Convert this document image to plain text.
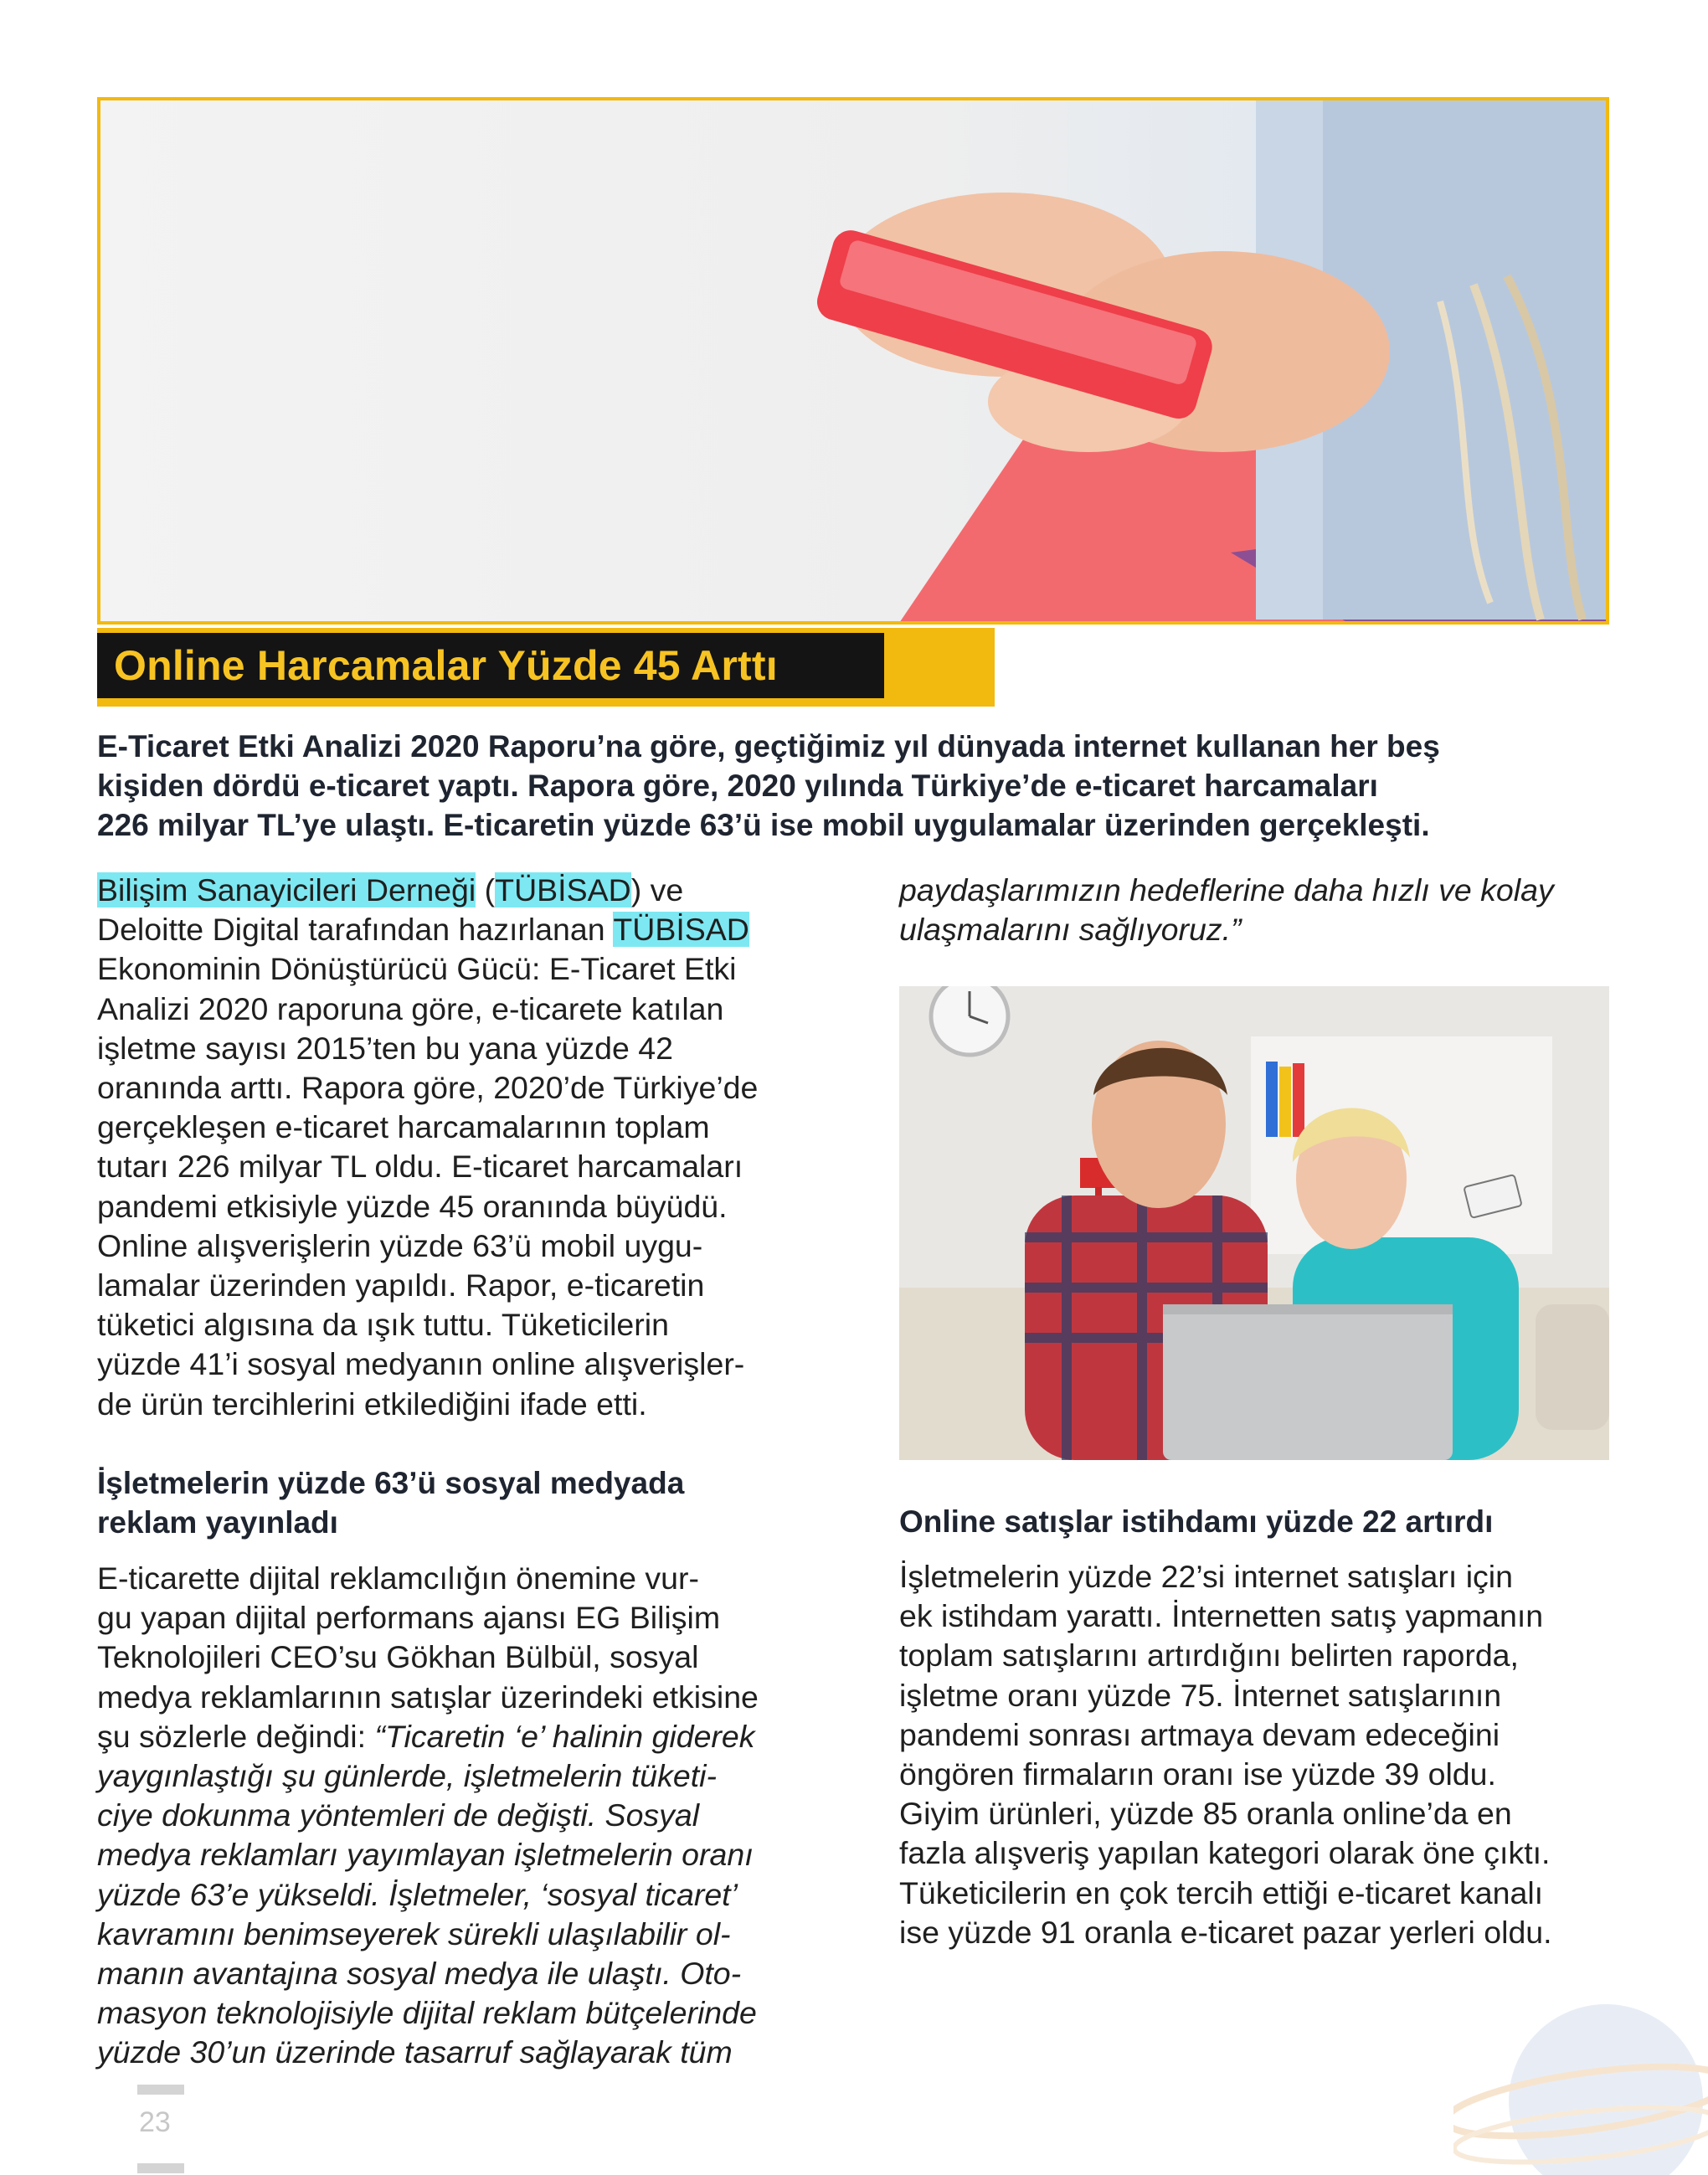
Online Harcamalar Yüzde 45 Arttı
E-Ticaret Etki Analizi 2020 Raporu’na göre, geçtiğimiz yıl dünyada internet kullanan her beş
kişiden dördü e-ticaret yaptı. Rapora göre, 2020 yılında Türkiye’de e-ticaret harcamaları
226 milyar TL’ye ulaştı. E-ticaretin yüzde 63’ü ise mobil uygulamalar üzerinden gerçekleşti.
Bilişim Sanayicileri Derneği (TÜBİSAD) ve
Deloitte Digital tarafından hazırlanan TÜBİSAD
Ekonominin Dönüştürücü Gücü: E-Ticaret Etki
Analizi 2020 raporuna göre, e-ticarete katılan
işletme sayısı 2015’ten bu yana yüzde 42
oranında arttı. Rapora göre, 2020’de Türkiye’de
gerçekleşen e-ticaret harcamalarının toplam
tutarı 226 milyar TL oldu. E-ticaret harcamaları
pandemi etkisiyle yüzde 45 oranında büyüdü.
Online alışverişlerin yüzde 63’ü mobil uygu-
lamalar üzerinden yapıldı. Rapor, e-ticaretin
tüketici algısına da ışık tuttu. Tüketicilerin
yüzde 41’i sosyal medyanın online alışverişler-
de ürün tercihlerini etkilediğini ifade etti.
İşletmelerin yüzde 63’ü sosyal medyada
reklam yayınladı
E-ticarette dijital reklamcılığın önemine vur-
gu yapan dijital performans ajansı EG Bilişim
Teknolojileri CEO’su Gökhan Bülbül, sosyal
medya reklamlarının satışlar üzerindeki etkisine
şu sözlerle değindi: “Ticaretin ‘e’ halinin giderek
yaygınlaştığı şu günlerde, işletmelerin tüketi-
ciye dokunma yöntemleri de değişti. Sosyal
medya reklamları yayımlayan işletmelerin oranı
yüzde 63’e yükseldi. İşletmeler, ‘sosyal ticaret’
kavramını benimseyerek sürekli ulaşılabilir ol-
manın avantajına sosyal medya ile ulaştı. Oto-
masyon teknolojisiyle dijital reklam bütçelerinde
yüzde 30’un üzerinde tasarruf sağlayarak tüm
paydaşlarımızın hedeflerine daha hızlı ve kolay
ulaşmalarını sağlıyoruz.”
Online satışlar istihdamı yüzde 22 artırdı
İşletmelerin yüzde 22’si internet satışları için
ek istihdam yarattı. İnternetten satış yapmanın
toplam satışlarını artırdığını belirten raporda,
işletme oranı yüzde 75. İnternet satışlarının
pandemi sonrası artmaya devam edeceğini
öngören firmaların oranı ise yüzde 39 oldu.
Giyim ürünleri, yüzde 85 oranla online’da en
fazla alışveriş yapılan kategori olarak öne çıktı.
Tüketicilerin en çok tercih ettiği e-ticaret kanalı
ise yüzde 91 oranla e-ticaret pazar yerleri oldu.
23
